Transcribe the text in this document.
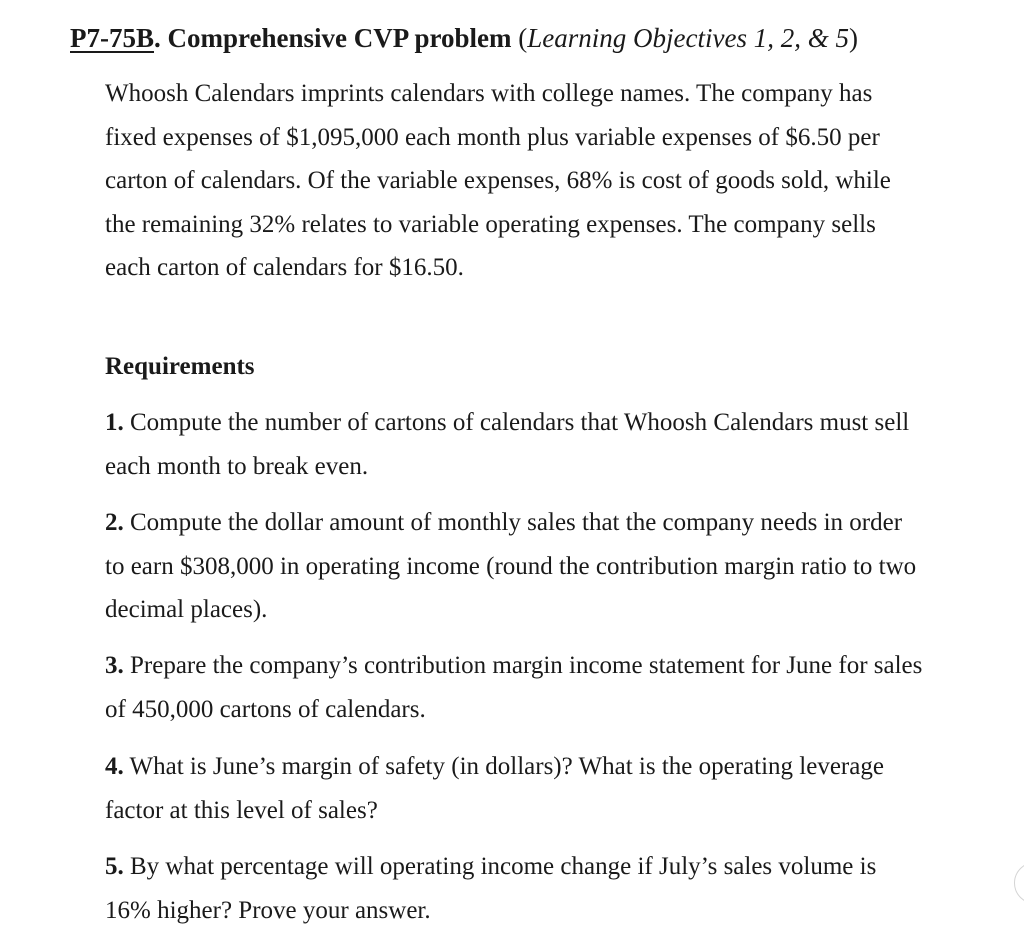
P7-75B. Comprehensive CVP problem (Learning Objectives 1, 2, & 5)

Whoosh Calendars imprints calendars with college names. The company has fixed expenses of $1,095,000 each month plus variable expenses of $6.50 per carton of calendars. Of the variable expenses, 68% is cost of goods sold, while the remaining 32% relates to variable operating expenses. The company sells each carton of calendars for $16.50.

Requirements

1. Compute the number of cartons of calendars that Whoosh Calendars must sell each month to break even.

2. Compute the dollar amount of monthly sales that the company needs in order to earn $308,000 in operating income (round the contribution margin ratio to two decimal places).

3. Prepare the company’s contribution margin income statement for June for sales of 450,000 cartons of calendars.

4. What is June’s margin of safety (in dollars)? What is the operating leverage factor at this level of sales?

5. By what percentage will operating income change if July’s sales volume is 16% higher? Prove your answer.
